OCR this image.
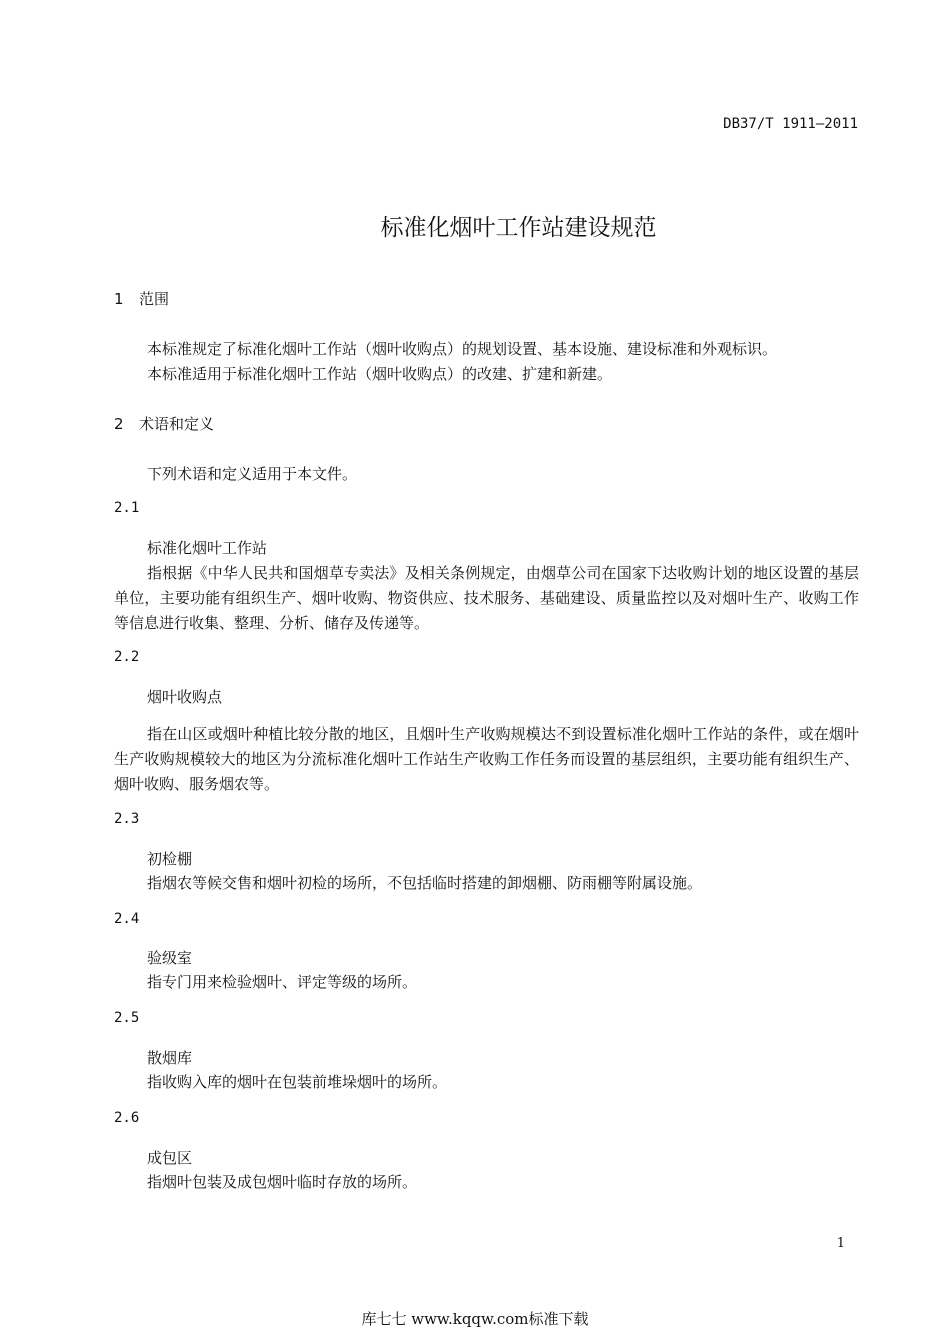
DB37/T 1911—2011
标准化烟叶工作站建设规范
1 范围
本标准规定了标准化烟叶工作站（烟叶收购点）的规划设置、基本设施、建设标准和外观标识。
本标准适用于标准化烟叶工作站（烟叶收购点）的改建、扩建和新建。
2 术语和定义
下列术语和定义适用于本文件。
2.1
标准化烟叶工作站
指根据《中华人民共和国烟草专卖法》及相关条例规定，由烟草公司在国家下达收购计划的地区设置的基层单位，主要功能有组织生产、烟叶收购、物资供应、技术服务、基础建设、质量监控以及对烟叶生产、收购工作等信息进行收集、整理、分析、储存及传递等。
2.2
烟叶收购点
指在山区或烟叶种植比较分散的地区，且烟叶生产收购规模达不到设置标准化烟叶工作站的条件，或在烟叶生产收购规模较大的地区为分流标准化烟叶工作站生产收购工作任务而设置的基层组织，主要功能有组织生产、烟叶收购、服务烟农等。
2.3
初检棚
指烟农等候交售和烟叶初检的场所，不包括临时搭建的卸烟棚、防雨棚等附属设施。
2.4
验级室
指专门用来检验烟叶、评定等级的场所。
2.5
散烟库
指收购入库的烟叶在包装前堆垛烟叶的场所。
2.6
成包区
指烟叶包装及成包烟叶临时存放的场所。
1
库七七 www.kqqw.com标准下载
